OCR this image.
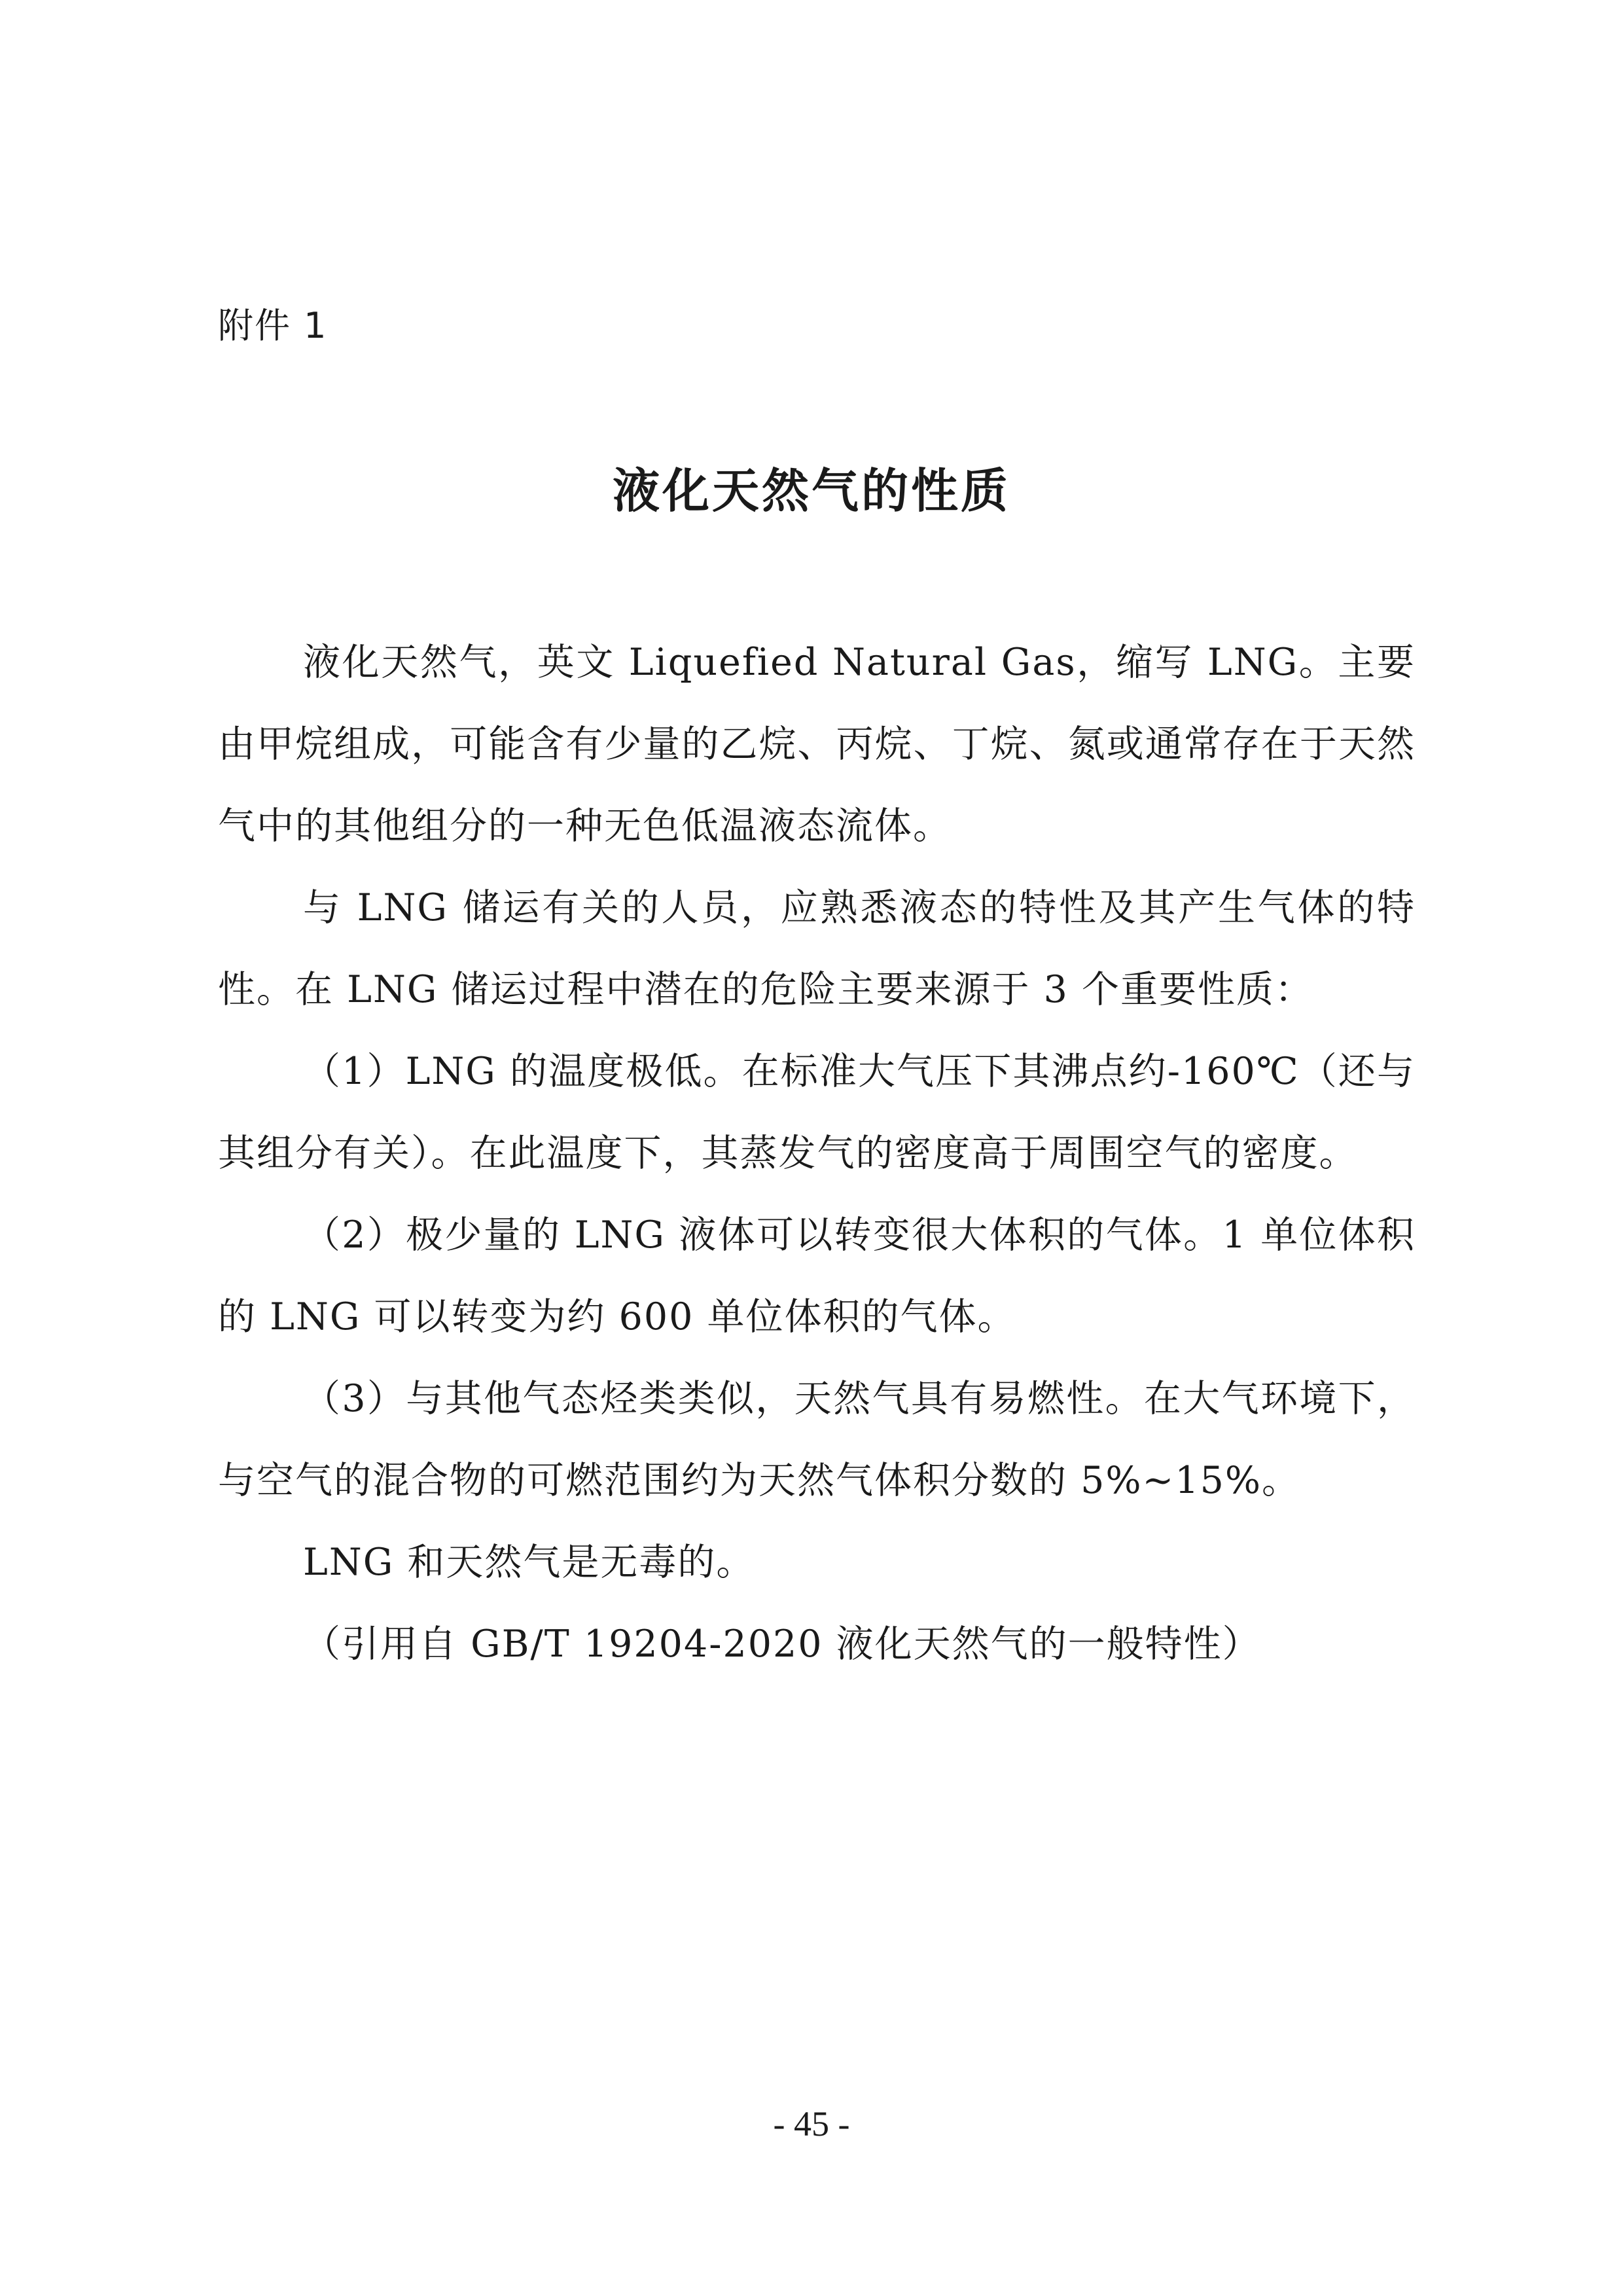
附件 1
液化天然气的性质

液化天然气，英文 Liquefied Natural Gas，缩写 LNG。主要由甲烷组成，可能含有少量的乙烷、丙烷、丁烷、氮或通常存在于天然气中的其他组分的一种无色低温液态流体。

与 LNG 储运有关的人员，应熟悉液态的特性及其产生气体的特性。在 LNG 储运过程中潜在的危险主要来源于 3 个重要性质：

（1）LNG 的温度极低。在标准大气压下其沸点约-160℃（还与其组分有关）。在此温度下，其蒸发气的密度高于周围空气的密度。

（2）极少量的 LNG 液体可以转变很大体积的气体。1 单位体积的 LNG 可以转变为约 600 单位体积的气体。

（3）与其他气态烃类类似，天然气具有易燃性。在大气环境下，与空气的混合物的可燃范围约为天然气体积分数的 5%~15%。

LNG 和天然气是无毒的。

（引用自 GB/T 19204-2020 液化天然气的一般特性）

- 45 -
